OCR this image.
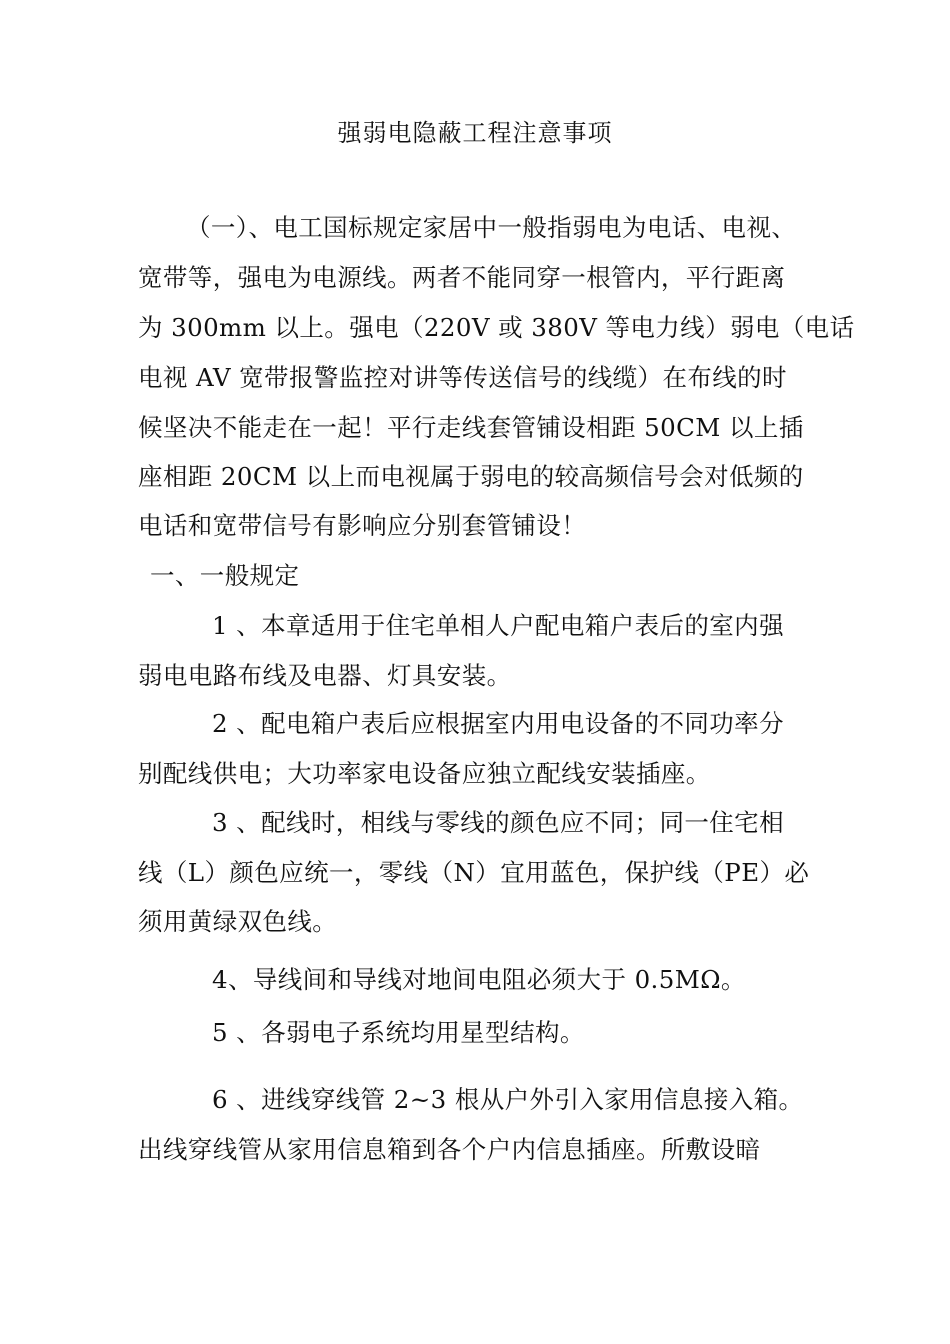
强弱电隐蔽工程注意事项
（一）、电工国标规定家居中一般指弱电为电话、电视、
宽带等，强电为电源线。两者不能同穿一根管内，平行距离
为 300mm 以上。强电（220V 或 380V 等电力线）弱电（电话
电视 AV 宽带报警监控对讲等传送信号的线缆）在布线的时
候坚决不能走在一起！平行走线套管铺设相距 50CM 以上插
座相距 20CM 以上而电视属于弱电的较高频信号会对低频的
电话和宽带信号有影响应分别套管铺设！
一、一般规定
1 、本章适用于住宅单相人户配电箱户表后的室内强
弱电电路布线及电器、灯具安装。
2 、配电箱户表后应根据室内用电设备的不同功率分
别配线供电；大功率家电设备应独立配线安装插座。
3 、配线时，相线与零线的颜色应不同；同一住宅相
线（L）颜色应统一，零线（N）宜用蓝色，保护线（PE）必
须用黄绿双色线。
4、导线间和导线对地间电阻必须大于 0.5MΩ。
5 、各弱电子系统均用星型结构。
6 、进线穿线管 2~3 根从户外引入家用信息接入箱。
出线穿线管从家用信息箱到各个户内信息插座。所敷设暗
